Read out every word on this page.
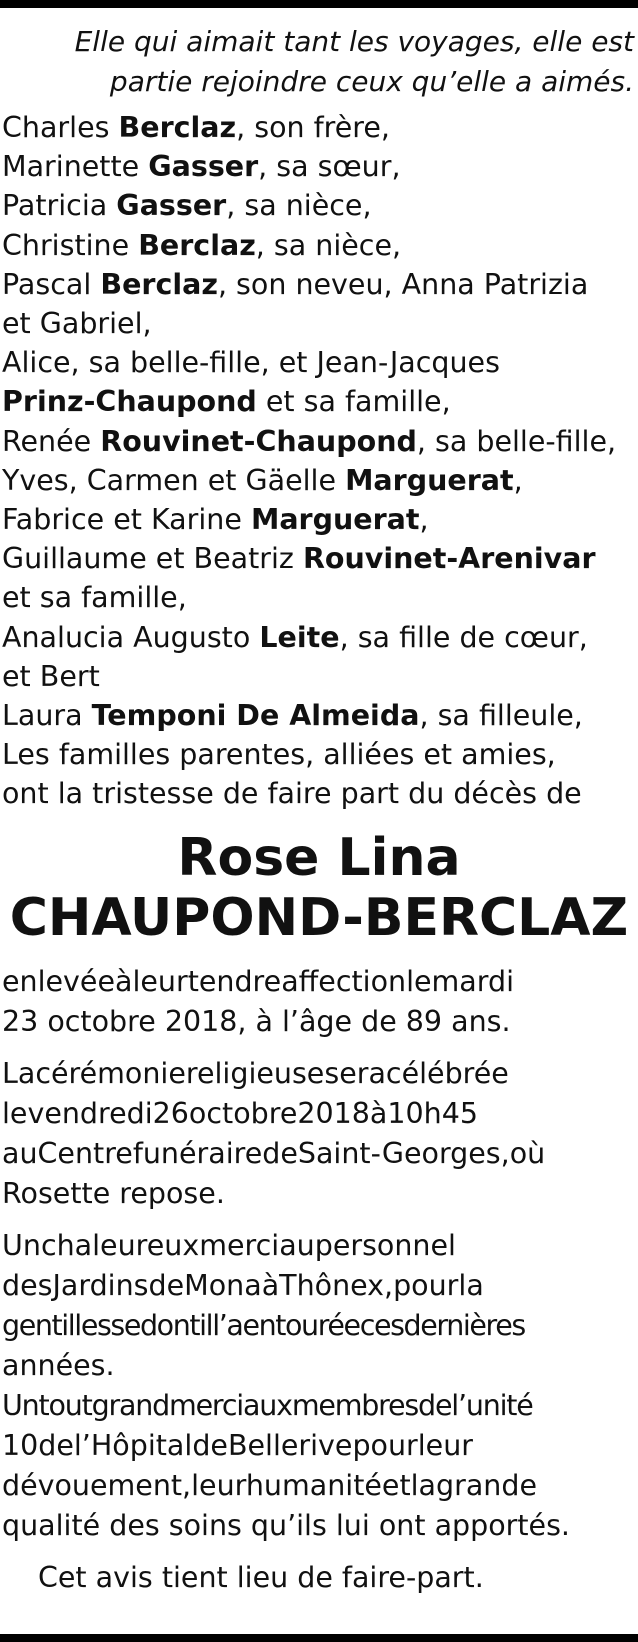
Elle qui aimait tant les voyages, elle est
partie rejoindre ceux qu’elle a aimés.
Charles Berclaz, son frère,
Marinette Gasser, sa sœur,
Patricia Gasser, sa nièce,
Christine Berclaz, sa nièce,
Pascal Berclaz, son neveu, Anna Patrizia
et Gabriel,
Alice, sa belle-fille, et Jean-Jacques
Prinz-Chaupond et sa famille,
Renée Rouvinet-Chaupond, sa belle-fille,
Yves, Carmen et Gäelle Marguerat,
Fabrice et Karine Marguerat,
Guillaume et Beatriz Rouvinet-Arenivar
et sa famille,
Analucia Augusto Leite, sa fille de cœur,
et Bert
Laura Temponi De Almeida, sa filleule,
Les familles parentes, alliées et amies,
ont la tristesse de faire part du décès de
Rose Lina
CHAUPOND-BERCLAZ
enlevéeàleurtendreaffectionlemardi
23 octobre 2018, à l’âge de 89 ans.
Lacérémoniereligieuseseracélébrée
levendredi26octobre2018à10h45
auCentrefunérairedeSaint-Georges,où
Rosette repose.
Unchaleureuxmerciaupersonnel
desJardinsdeMonaàThônex,pourla
gentillessedontill’aentouréecesdernières
années.
Untoutgrandmerciauxmembresdel’unité
10del’HôpitaldeBellerivepourleur
dévouement,leurhumanitéetlagrande
qualité des soins qu’ils lui ont apportés.
Cet avis tient lieu de faire-part.
